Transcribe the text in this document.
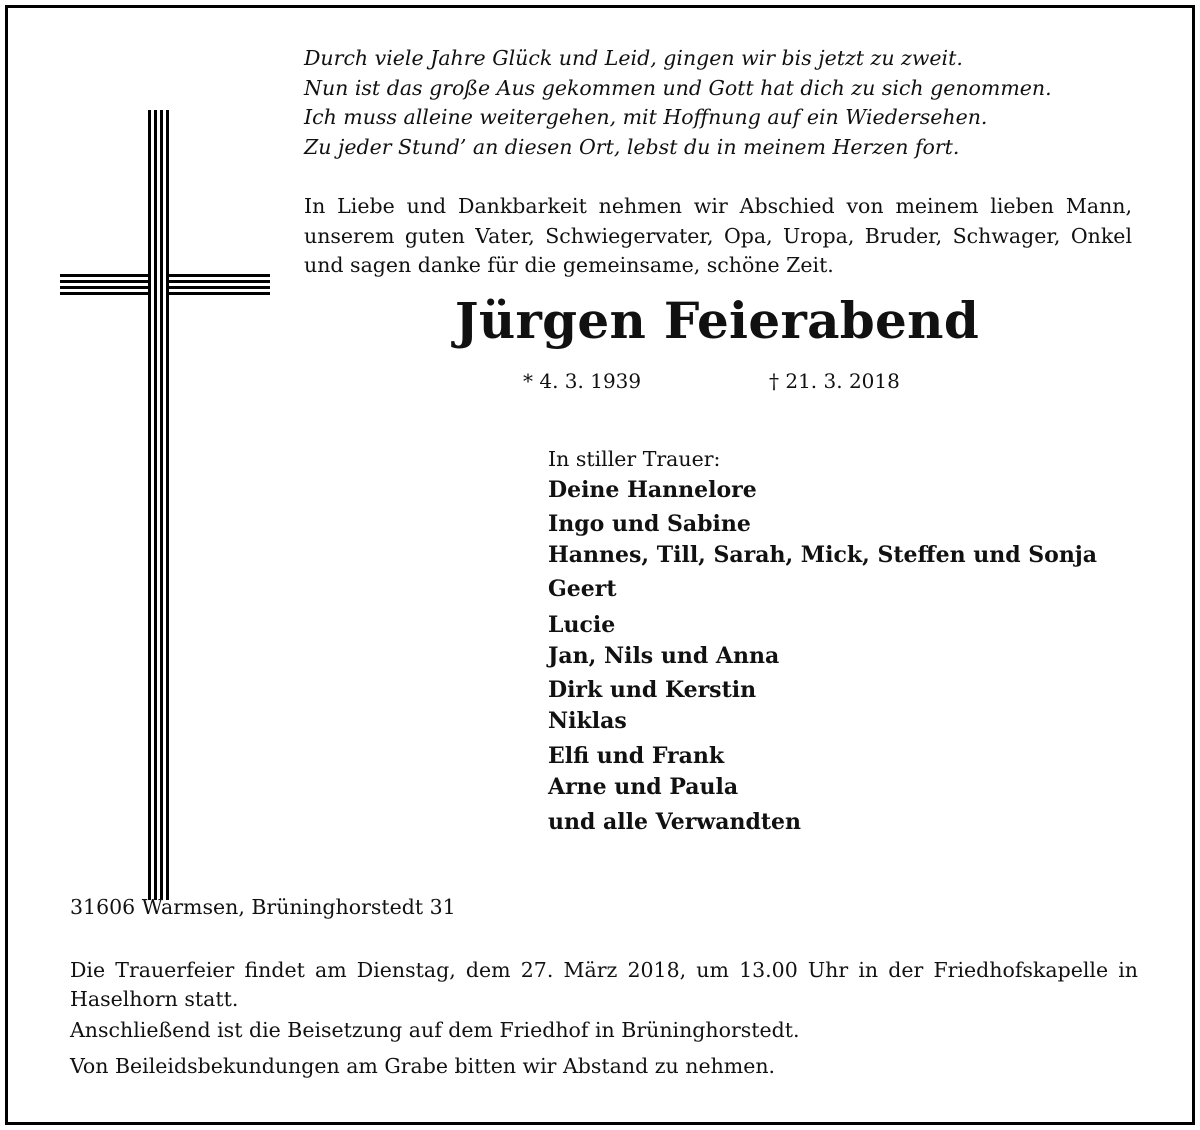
Durch viele Jahre Glück und Leid, gingen wir bis jetzt zu zweit.
Nun ist das große Aus gekommen und Gott hat dich zu sich genommen.
Ich muss alleine weitergehen, mit Hoffnung auf ein Wiedersehen.
Zu jeder Stund’ an diesen Ort, lebst du in meinem Herzen fort.

In Liebe und Dankbarkeit nehmen wir Abschied von meinem lieben Mann, unserem guten Vater, Schwiegervater, Opa, Uropa, Bruder, Schwager, Onkel und sagen danke für die gemeinsame, schöne Zeit.

Jürgen Feierabend
* 4. 3. 1939	† 21. 3. 2018
In stiller Trauer:
Deine Hannelore
Ingo und Sabine
Hannes, Till, Sarah, Mick, Steffen und Sonja
Geert
Lucie
Jan, Nils und Anna
Dirk und Kerstin
Niklas
Elfi und Frank
Arne und Paula
und alle Verwandten
31606 Warmsen, Brüninghorstedt 31

Die Trauerfeier findet am Dienstag, dem 27. März 2018, um 13.00 Uhr in der Friedhofskapelle in Haselhorn statt.

Anschließend ist die Beisetzung auf dem Friedhof in Brüninghorstedt.
Von Beileidsbekundungen am Grabe bitten wir Abstand zu nehmen.
